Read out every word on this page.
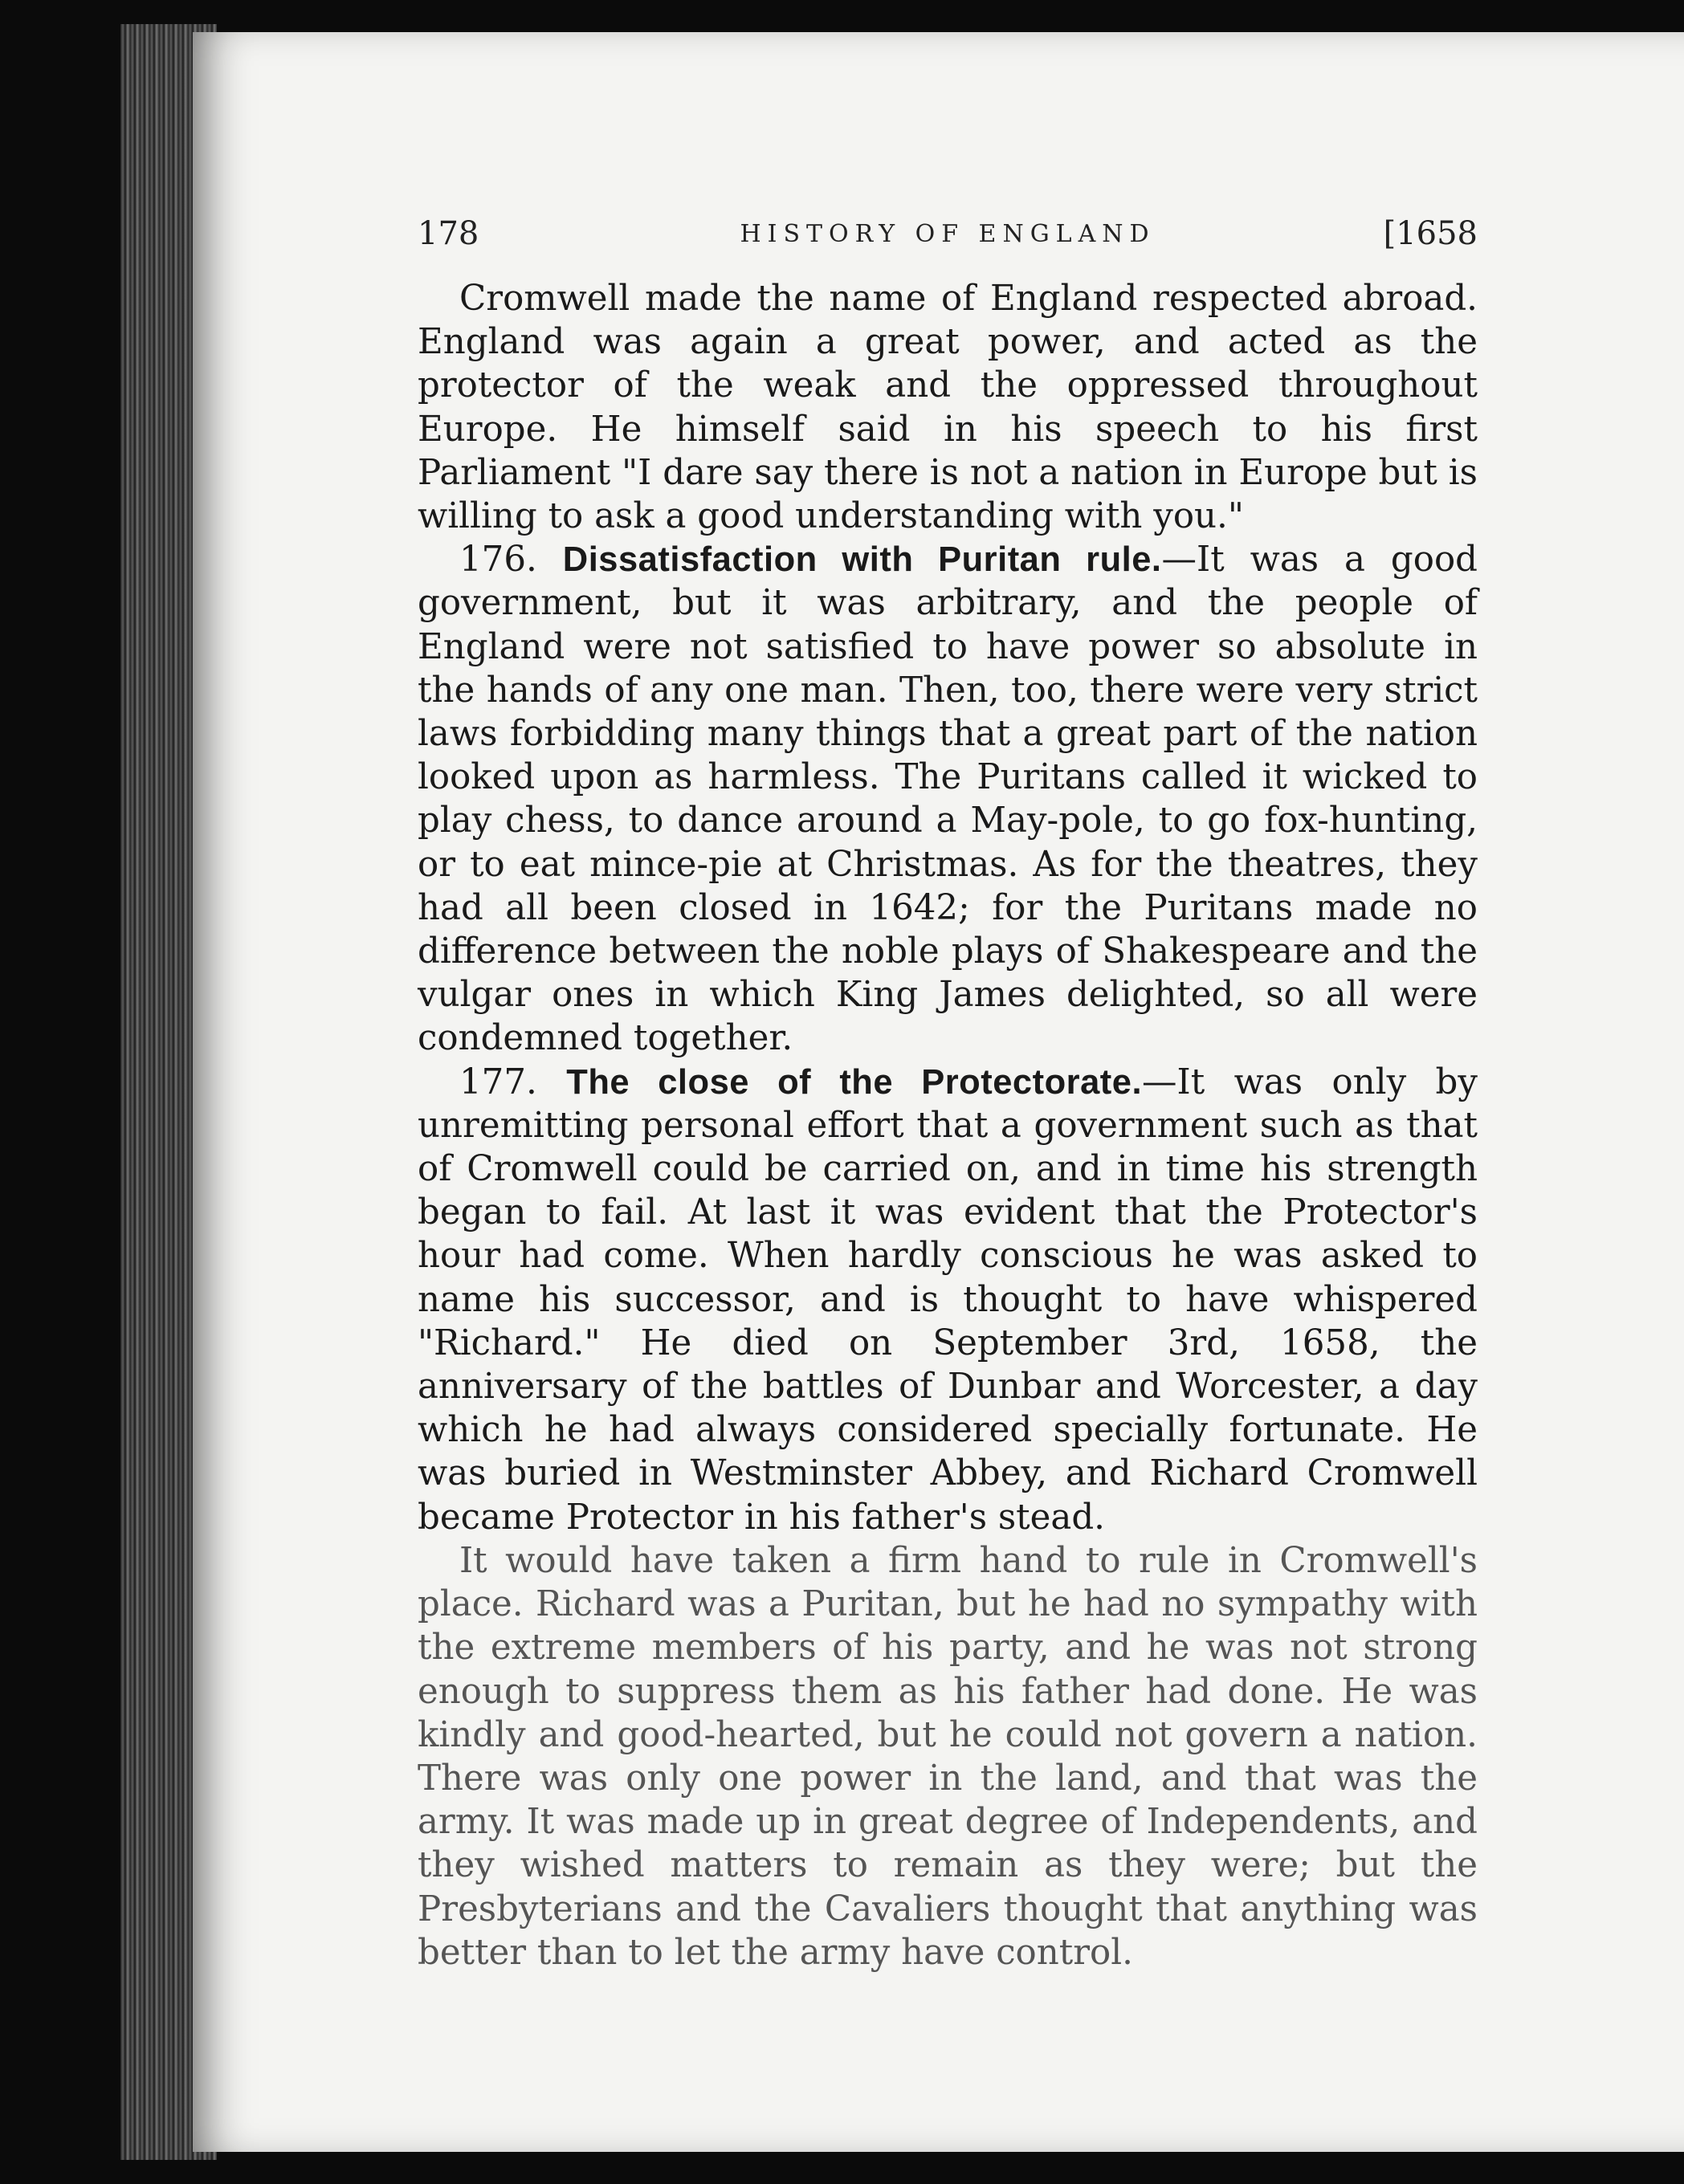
178	HISTORY OF ENGLAND	[1658

Cromwell made the name of England respected abroad. England was again a great power, and acted as the protector of the weak and the oppressed throughout Europe. He himself said in his speech to his first Parliament "I dare say there is not a nation in Europe but is willing to ask a good understanding with you."

176. Dissatisfaction with Puritan rule.—It was a good government, but it was arbitrary, and the people of England were not satisfied to have power so absolute in the hands of any one man. Then, too, there were very strict laws forbidding many things that a great part of the nation looked upon as harmless. The Puritans called it wicked to play chess, to dance around a May-pole, to go fox-hunting, or to eat mince-pie at Christmas. As for the theatres, they had all been closed in 1642; for the Puritans made no difference between the noble plays of Shakespeare and the vulgar ones in which King James delighted, so all were condemned together.

177. The close of the Protectorate.—It was only by unremitting personal effort that a government such as that of Cromwell could be carried on, and in time his strength began to fail. At last it was evident that the Protector's hour had come. When hardly conscious he was asked to name his successor, and is thought to have whispered "Richard." He died on September 3rd, 1658, the anniversary of the battles of Dunbar and Worcester, a day which he had always considered specially fortunate. He was buried in Westminster Abbey, and Richard Cromwell became Protector in his father's stead.

It would have taken a firm hand to rule in Cromwell's place. Richard was a Puritan, but he had no sympathy with the extreme members of his party, and he was not strong enough to suppress them as his father had done. He was kindly and good-hearted, but he could not govern a nation. There was only one power in the land, and that was the army. It was made up in great degree of Independents, and they wished matters to remain as they were; but the Presbyterians and the Cavaliers thought that anything was better than to let the army have control.
